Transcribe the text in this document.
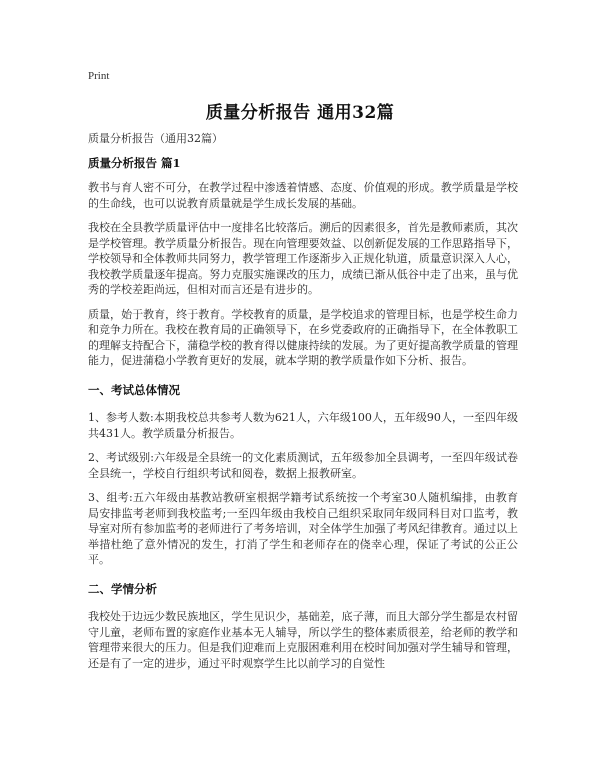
Print
质量分析报告 通用32篇
质量分析报告（通用32篇）
质量分析报告 篇1

教书与育人密不可分，在教学过程中渗透着情感、态度、价值观的形成。教学质量是学校的生命线，也可以说教育质量就是学生成长发展的基础。

我校在全县教学质量评估中一度排名比较落后。溯后的因素很多，首先是教师素质，其次是学校管理。教学质量分析报告。现在向管理要效益、以创新促发展的工作思路指导下，学校领导和全体教师共同努力，教学管理工作逐渐步入正规化轨道，质量意识深入人心，我校教学质量逐年提高。努力克服实施课改的压力，成绩已渐从低谷中走了出来，虽与优秀的学校差距尚远，但相对而言还是有进步的。

质量，始于教育，终于教育。学校教育的质量，是学校追求的管理目标，也是学校生命力和竞争力所在。我校在教育局的正确领导下，在乡党委政府的正确指导下，在全体教职工的理解支持配合下，蒲稳学校的教育得以健康持续的发展。为了更好提高教学质量的管理能力，促进蒲稳小学教育更好的发展，就本学期的教学质量作如下分析、报告。

一、考试总体情况

1、参考人数:本期我校总共参考人数为621人，六年级100人，五年级90人，一至四年级共431人。教学质量分析报告。

2、考试级别:六年级是全县统一的文化素质测试，五年级参加全县调考，一至四年级试卷全县统一，学校自行组织考试和阅卷，数据上报教研室。

3、组考:五六年级由基教站教研室根据学籍考试系统按一个考室30人随机编排，由教育局安排监考老师到我校监考;一至四年级由我校自己组织采取同年级同科目对口监考，教导室对所有参加监考的老师进行了考务培训，对全体学生加强了考风纪律教育。通过以上举措杜绝了意外情况的发生，打消了学生和老师存在的侥幸心理，保证了考试的公正公平。

二、学情分析

我校处于边远少数民族地区，学生见识少，基础差，底子薄，而且大部分学生都是农村留守儿童，老师布置的家庭作业基本无人辅导，所以学生的整体素质很差，给老师的教学和管理带来很大的压力。但是我们迎难而上克服困难利用在校时间加强对学生辅导和管理，还是有了一定的进步，通过平时观察学生比以前学习的自觉性
